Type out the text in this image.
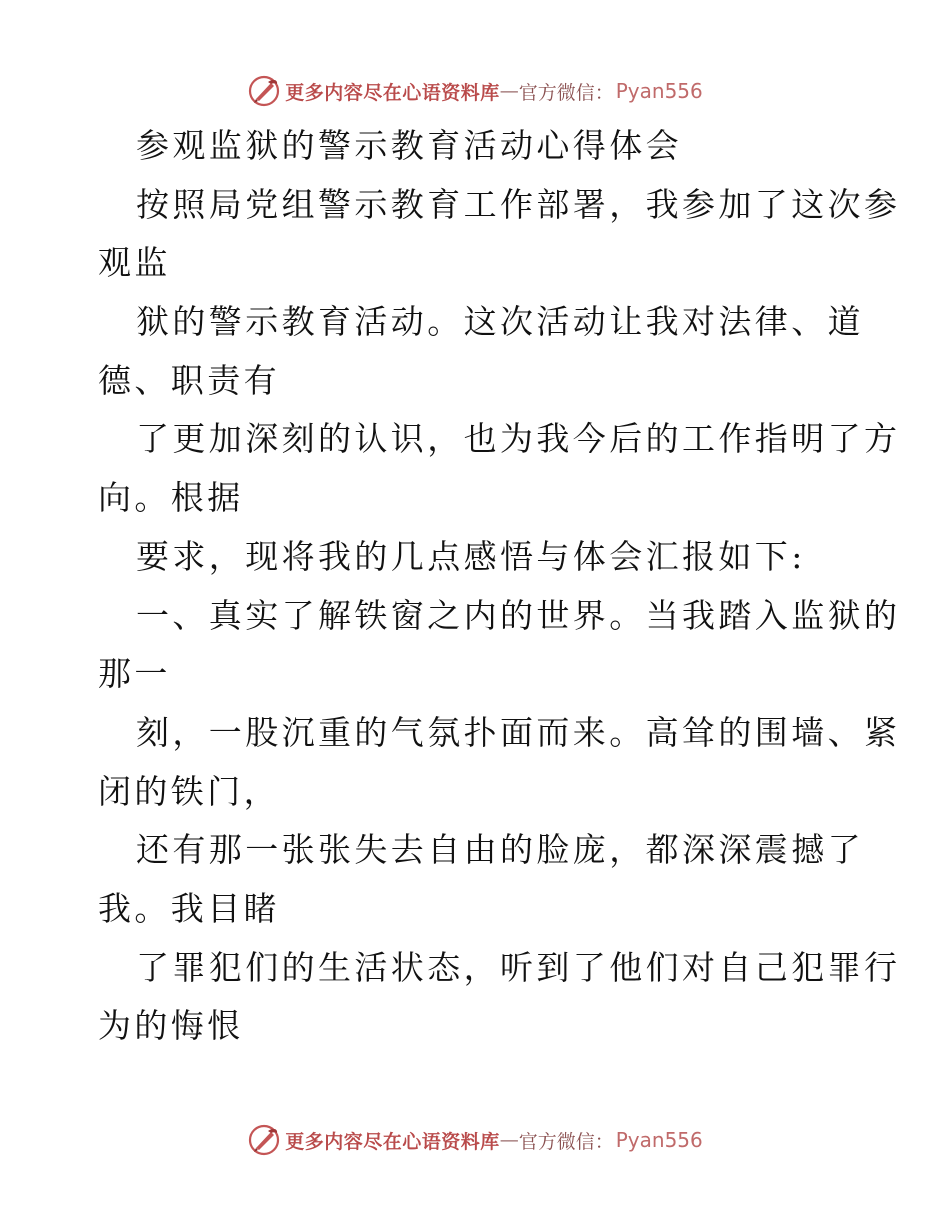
更多内容尽在心语资料库 — 官方微信： Pyan556
参观监狱的警示教育活动心得体会
按照局党组警示教育工作部署，我参加了这次参
观监
狱的警示教育活动。这次活动让我对法律、道
德、职责有
了更加深刻的认识，也为我今后的工作指明了方
向。根据
要求，现将我的几点感悟与体会汇报如下:
一、真实了解铁窗之内的世界。当我踏入监狱的
那一
刻，一股沉重的气氛扑面而来。高耸的围墙、紧
闭的铁门，
还有那一张张失去自由的脸庞，都深深震撼了
我。我目睹
了罪犯们的生活状态，听到了他们对自己犯罪行
为的悔恨
更多内容尽在心语资料库 — 官方微信： Pyan556
